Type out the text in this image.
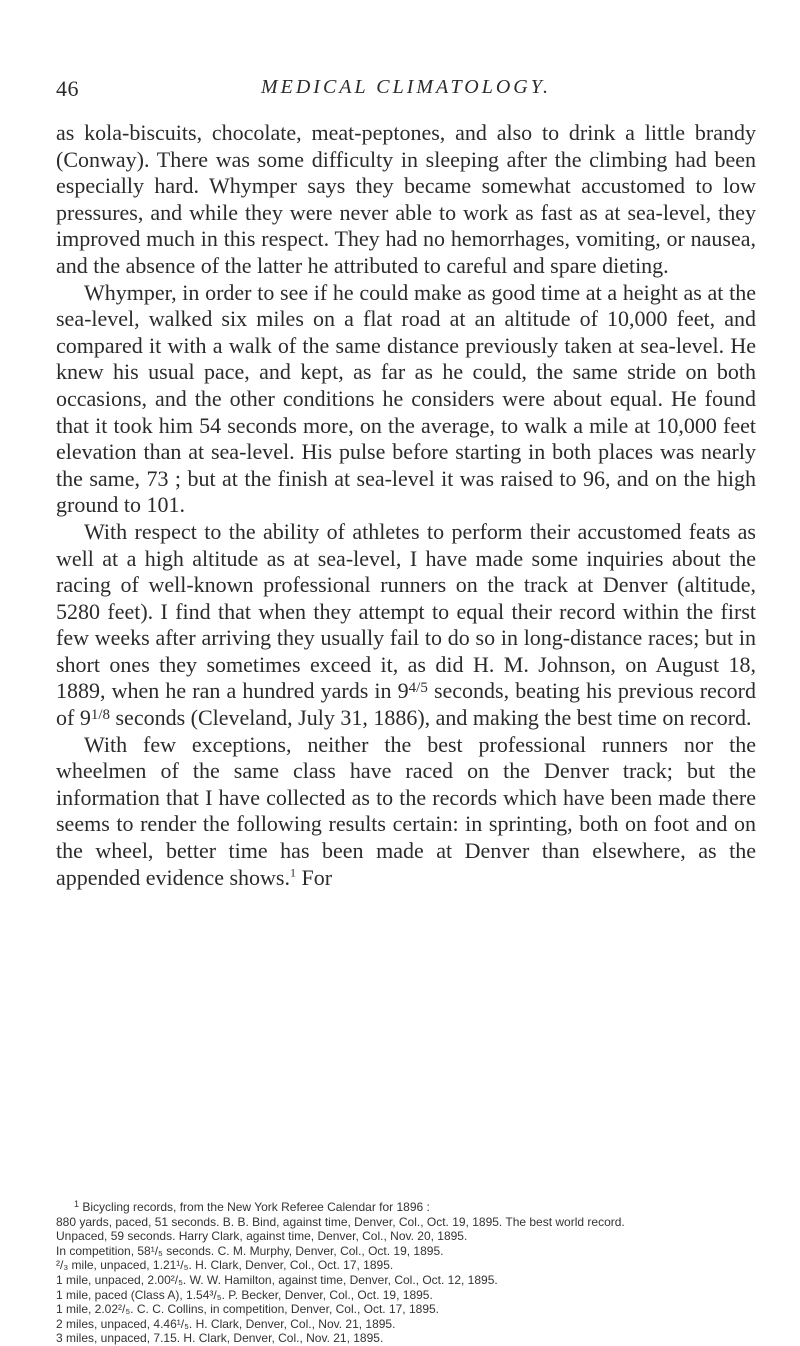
46	MEDICAL CLIMATOLOGY.

as kola-biscuits, chocolate, meat-peptones, and also to drink a little brandy (Conway). There was some difficulty in sleeping after the climbing had been especially hard. Whymper says they became somewhat accustomed to low pressures, and while they were never able to work as fast as at sea-level, they improved much in this respect. They had no hemorrhages, vomiting, or nausea, and the absence of the latter he attributed to careful and spare dieting.

Whymper, in order to see if he could make as good time at a height as at the sea-level, walked six miles on a flat road at an altitude of 10,000 feet, and compared it with a walk of the same distance previously taken at sea-level. He knew his usual pace, and kept, as far as he could, the same stride on both occasions, and the other conditions he considers were about equal. He found that it took him 54 seconds more, on the average, to walk a mile at 10,000 feet elevation than at sea-level. His pulse before starting in both places was nearly the same, 73 ; but at the finish at sea-level it was raised to 96, and on the high ground to 101.

With respect to the ability of athletes to perform their accustomed feats as well at a high altitude as at sea-level, I have made some inquiries about the racing of well-known professional runners on the track at Denver (altitude, 5280 feet). I find that when they attempt to equal their record within the first few weeks after arriving they usually fail to do so in long-distance races; but in short ones they sometimes exceed it, as did H. M. Johnson, on August 18, 1889, when he ran a hundred yards in $9^{4/5}$ seconds, beating his previous record of $9^{1/8}$ seconds (Cleveland, July 31, 1886), and making the best time on record.

With few exceptions, neither the best professional runners nor the wheelmen of the same class have raced on the Denver track; but the information that I have collected as to the records which have been made there seems to render the following results certain: in sprinting, both on foot and on the wheel, better time has been made at Denver than elsewhere, as the appended evidence shows.$^1$ For

$^1$ Bicycling records, from the New York Referee Calendar for 1896 :

880 yards, paced, 51 seconds. B. B. Bind, against time, Denver, Col., Oct. 19, 1895. The best world record.

Unpaced, 59 seconds. Harry Clark, against time, Denver, Col., Nov. 20, 1895.

In competition, 58¹/₅ seconds. C. M. Murphy, Denver, Col., Oct. 19, 1895.

²/₃ mile, unpaced, 1.21¹/₅. H. Clark, Denver, Col., Oct. 17, 1895.

1 mile, unpaced, 2.00²/₅. W. W. Hamilton, against time, Denver, Col., Oct. 12, 1895.

1 mile, paced (Class A), 1.54³/₅. P. Becker, Denver, Col., Oct. 19, 1895.

1 mile, 2.02²/₅. C. C. Collins, in competition, Denver, Col., Oct. 17, 1895.

2 miles, unpaced, 4.46¹/₅. H. Clark, Denver, Col., Nov. 21, 1895.

3 miles, unpaced, 7.15. H. Clark, Denver, Col., Nov. 21, 1895.
